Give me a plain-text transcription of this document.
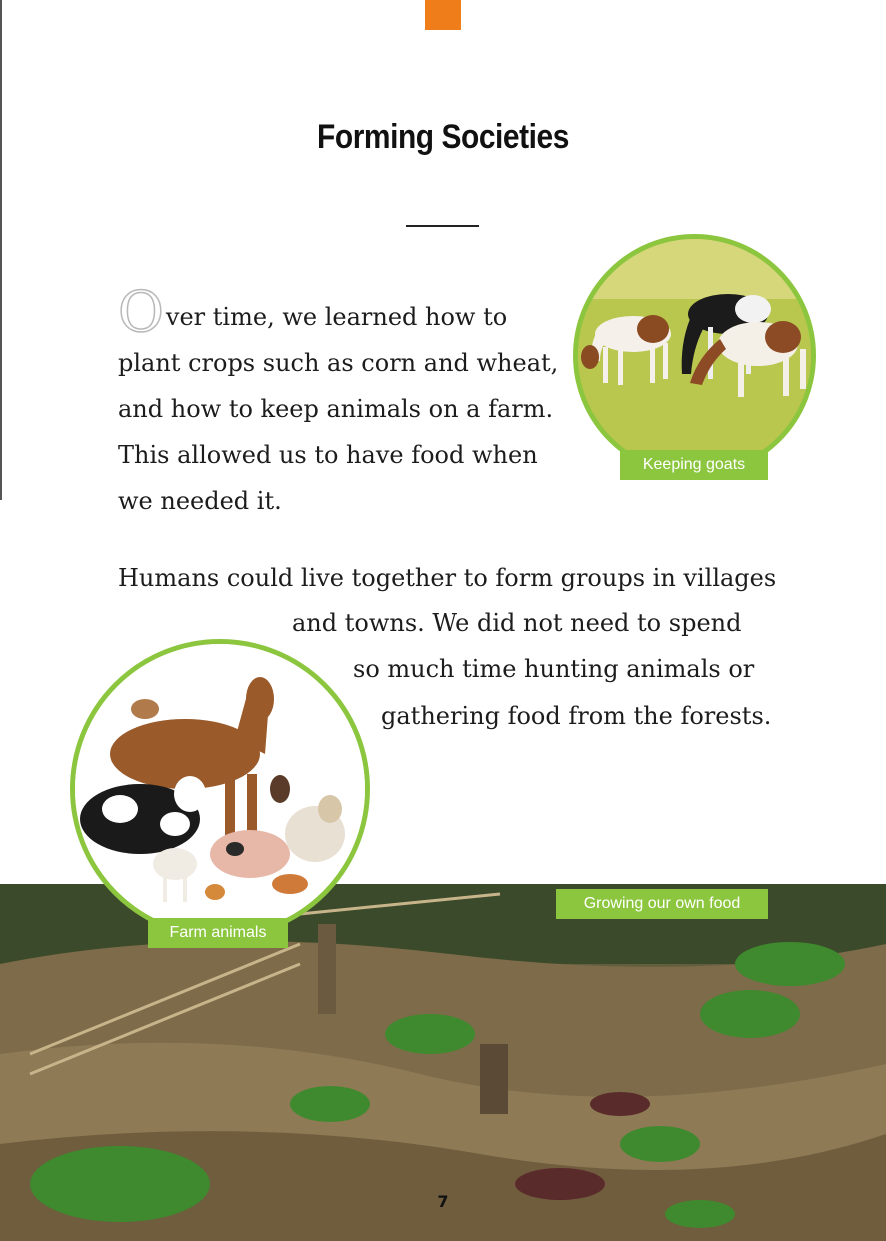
Forming Societies
Over time, we learned how to
plant crops such as corn and wheat,
and how to keep animals on a farm.
This allowed us to have food when
we needed it.
Keeping goats
Humans could live together to form groups in villages
and towns. We did not need to spend
so much time hunting animals or
gathering food from the forests.
Growing our own food
Farm animals
7
